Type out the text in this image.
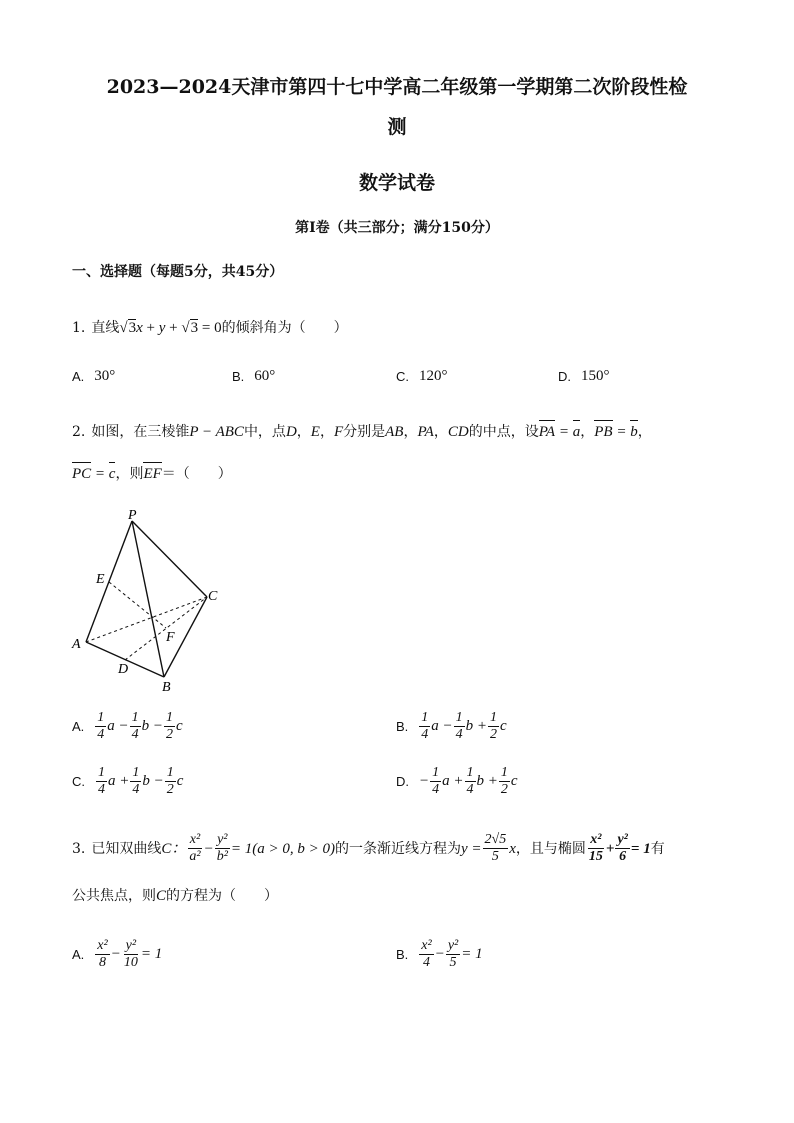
2023—2024天津市第四十七中学高二年级第一学期第二次阶段性检
测
数学试卷
第I卷（共三部分；满分150分）
一、选择题（每题5分，共45分）
1. 直线 √3x + y + √3 = 0 的倾斜角为（　　）
A. 30°	B. 60°	C. 120°	D. 150°
2. 如图，在三棱锥 P − ABC 中，点 D ， E ， F 分别是 AB ， PA ， CD 的中点，设 PA = a ， PB = b ，
PC = c ，则 EF ＝（　　）
P
E
C
F
A
D
B
A. $\frac{1}{4}$ $a - \frac{1}{4}$ $b - \frac{1}{2}$ c	B. $\frac{1}{4}$ $a - \frac{1}{4}$ $b + \frac{1}{2}$ c
C. $\frac{1}{4}$ $a + \frac{1}{4}$ $b - \frac{1}{2}$ c	D. − $\frac{1}{4}$ $a + \frac{1}{4}$ $b + \frac{1}{2}$ c
3. 已知双曲线 C： $\frac{\text{x²}}{\text{a²}} - \frac{\text{y²}}{\text{b²}} = 1(a > 0$, b > 0) 的一条渐近线方程为 $y = \frac{2√5}{5}$ x ，且与椭圆 $\frac{\text{x²}}{15} + \frac{\text{y²}}{6} = 1$ 有
公共焦点，则 C 的方程为（　　）
A. $\frac{\text{x²}}{8} - \frac{\text{y²}}{10} = 1$	B. $\frac{\text{x²}}{4} - \frac{\text{y²}}{5} = 1$
